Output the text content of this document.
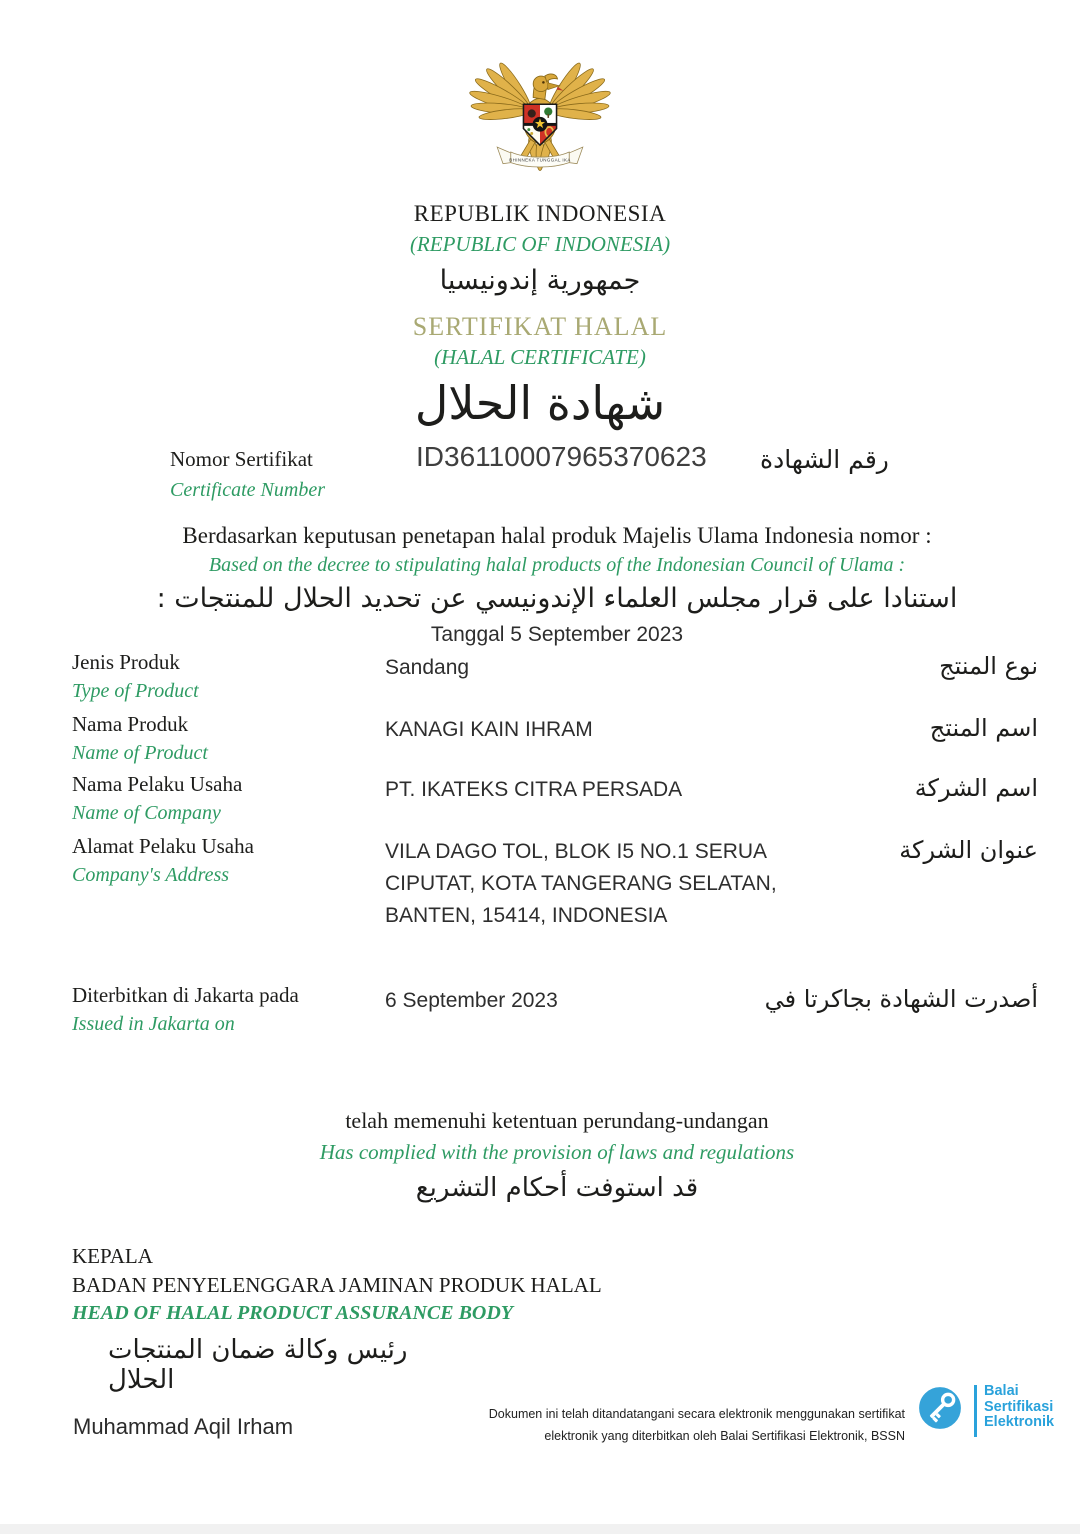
BHINNEKA TUNGGAL IKA
REPUBLIK INDONESIA
(REPUBLIC OF INDONESIA)
جمهورية إندونيسيا
SERTIFIKAT HALAL
(HALAL CERTIFICATE)
شهادة الحلال
Nomor Sertifikat
Certificate Number
ID36110007965370623 رقم الشهادة
Berdasarkan keputusan penetapan halal produk Majelis Ulama Indonesia nomor :
Based on the decree to stipulating halal products of the Indonesian Council of Ulama :
استنادا على قرار مجلس العلماء الإندونيسي عن تحديد الحلال للمنتجات :
Tanggal 5 September 2023
Jenis Produk
Type of Product
Sandang	نوع المنتج
Nama Produk
Name of Product
KANAGI KAIN IHRAM	اسم المنتج
Nama Pelaku Usaha
Name of Company
PT. IKATEKS CITRA PERSADA	اسم الشركة
Alamat Pelaku Usaha
Company's Address
VILA DAGO TOL, BLOK I5 NO.1 SERUA
CIPUTAT, KOTA TANGERANG SELATAN,
BANTEN, 15414, INDONESIA
عنوان الشركة
Diterbitkan di Jakarta pada
Issued in Jakarta on
6 September 2023	أصدرت الشهادة بجاكرتا في
telah memenuhi ketentuan perundang-undangan
Has complied with the provision of laws and regulations
قد استوفت أحكام التشريع
KEPALA
BADAN PENYELENGGARA JAMINAN PRODUK HALAL
HEAD OF HALAL PRODUCT ASSURANCE BODY
رئيس وكالة ضمان المنتجات الحلال
Muhammad Aqil Irham	Dokumen ini telah ditandatangani secara elektronik menggunakan sertifikat
elektronik yang diterbitkan oleh Balai Sertifikasi Elektronik, BSSN
Balai
Sertifikasi
Elektronik
